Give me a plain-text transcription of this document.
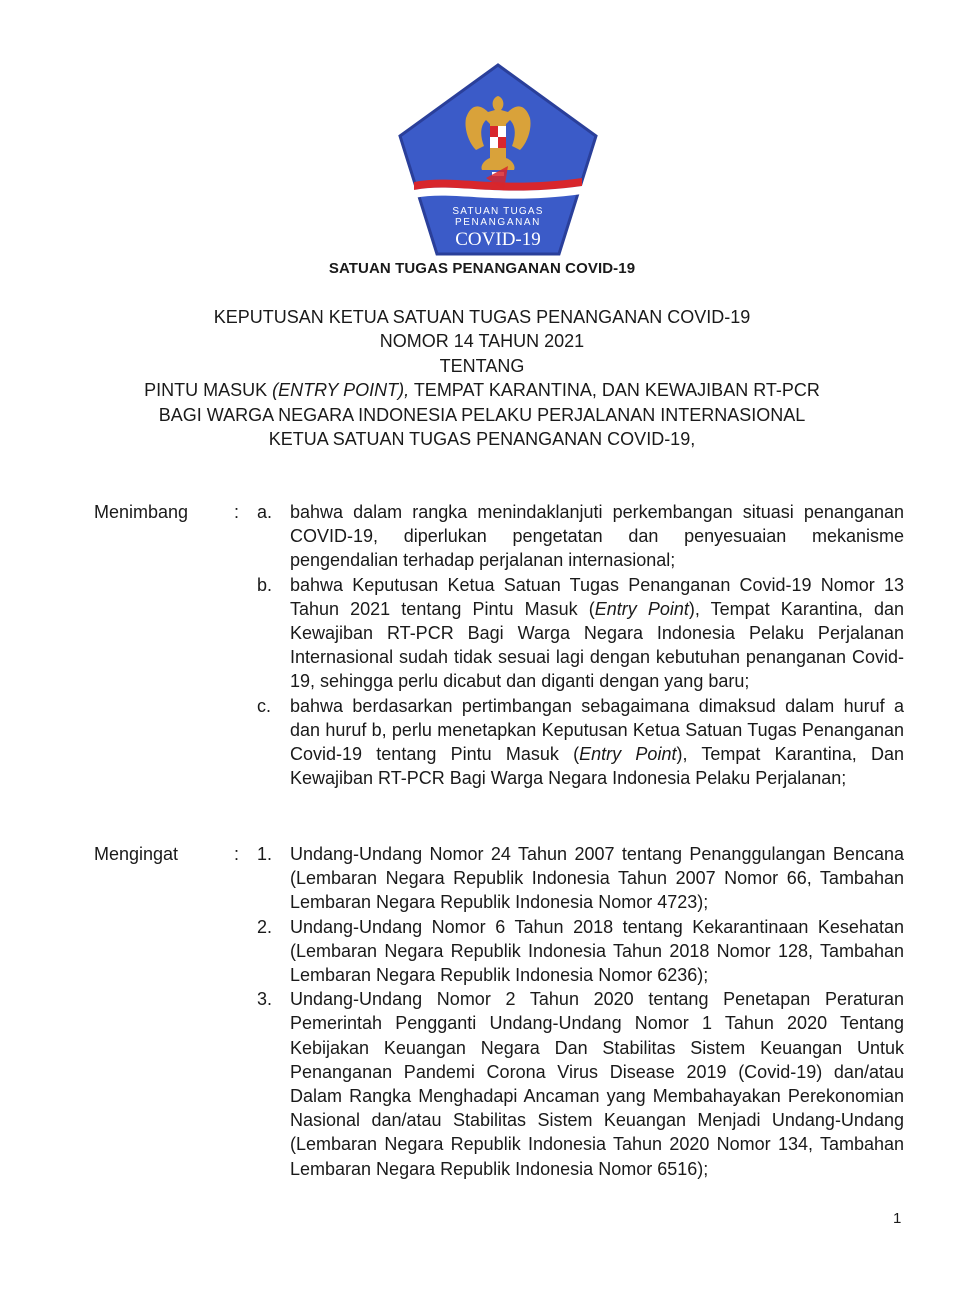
SATUAN TUGAS
PENANGANAN
COVID-19
SATUAN TUGAS PENANGANAN COVID-19
KEPUTUSAN KETUA SATUAN TUGAS PENANGANAN COVID-19
NOMOR 14 TAHUN 2021
TENTANG
PINTU MASUK (ENTRY POINT), TEMPAT KARANTINA, DAN KEWAJIBAN RT-PCR
BAGI WARGA NEGARA INDONESIA PELAKU PERJALANAN INTERNASIONAL
KETUA SATUAN TUGAS PENANGANAN COVID-19,
Menimbang	: a. bahwa dalam rangka menindaklanjuti perkembangan situasi penanganan COVID-19, diperlukan pengetatan dan penyesuaian mekanisme pengendalian terhadap perjalanan internasional;
b. bahwa Keputusan Ketua Satuan Tugas Penanganan Covid-19 Nomor 13 Tahun 2021 tentang Pintu Masuk (Entry Point), Tempat Karantina, dan Kewajiban RT-PCR Bagi Warga Negara Indonesia Pelaku Perjalanan Internasional sudah tidak sesuai lagi dengan kebutuhan penanganan Covid-19, sehingga perlu dicabut dan diganti dengan yang baru;
c.	bahwa berdasarkan pertimbangan sebagaimana dimaksud dalam huruf a dan huruf b, perlu menetapkan Keputusan Ketua Satuan Tugas Penanganan Covid-19 tentang Pintu Masuk (Entry Point), Tempat Karantina, Dan Kewajiban RT-PCR Bagi Warga Negara Indonesia Pelaku Perjalanan;
Mengingat	: 1. Undang-Undang Nomor 24 Tahun 2007 tentang Penanggulangan Bencana (Lembaran Negara Republik Indonesia Tahun 2007 Nomor 66, Tambahan Lembaran Negara Republik Indonesia Nomor 4723);
2. Undang-Undang Nomor 6 Tahun 2018 tentang Kekarantinaan Kesehatan (Lembaran Negara Republik Indonesia Tahun 2018 Nomor 128, Tambahan Lembaran Negara Republik Indonesia Nomor 6236);
3. Undang-Undang Nomor 2 Tahun 2020 tentang Penetapan Peraturan Pemerintah Pengganti Undang-Undang Nomor 1 Tahun 2020 Tentang Kebijakan Keuangan Negara Dan Stabilitas Sistem Keuangan Untuk Penanganan Pandemi Corona Virus Disease 2019 (Covid-19) dan/atau Dalam Rangka Menghadapi Ancaman yang Membahayakan Perekonomian Nasional dan/atau Stabilitas Sistem Keuangan Menjadi Undang-Undang (Lembaran Negara Republik Indonesia Tahun 2020 Nomor 134, Tambahan Lembaran Negara Republik Indonesia Nomor 6516);
1
